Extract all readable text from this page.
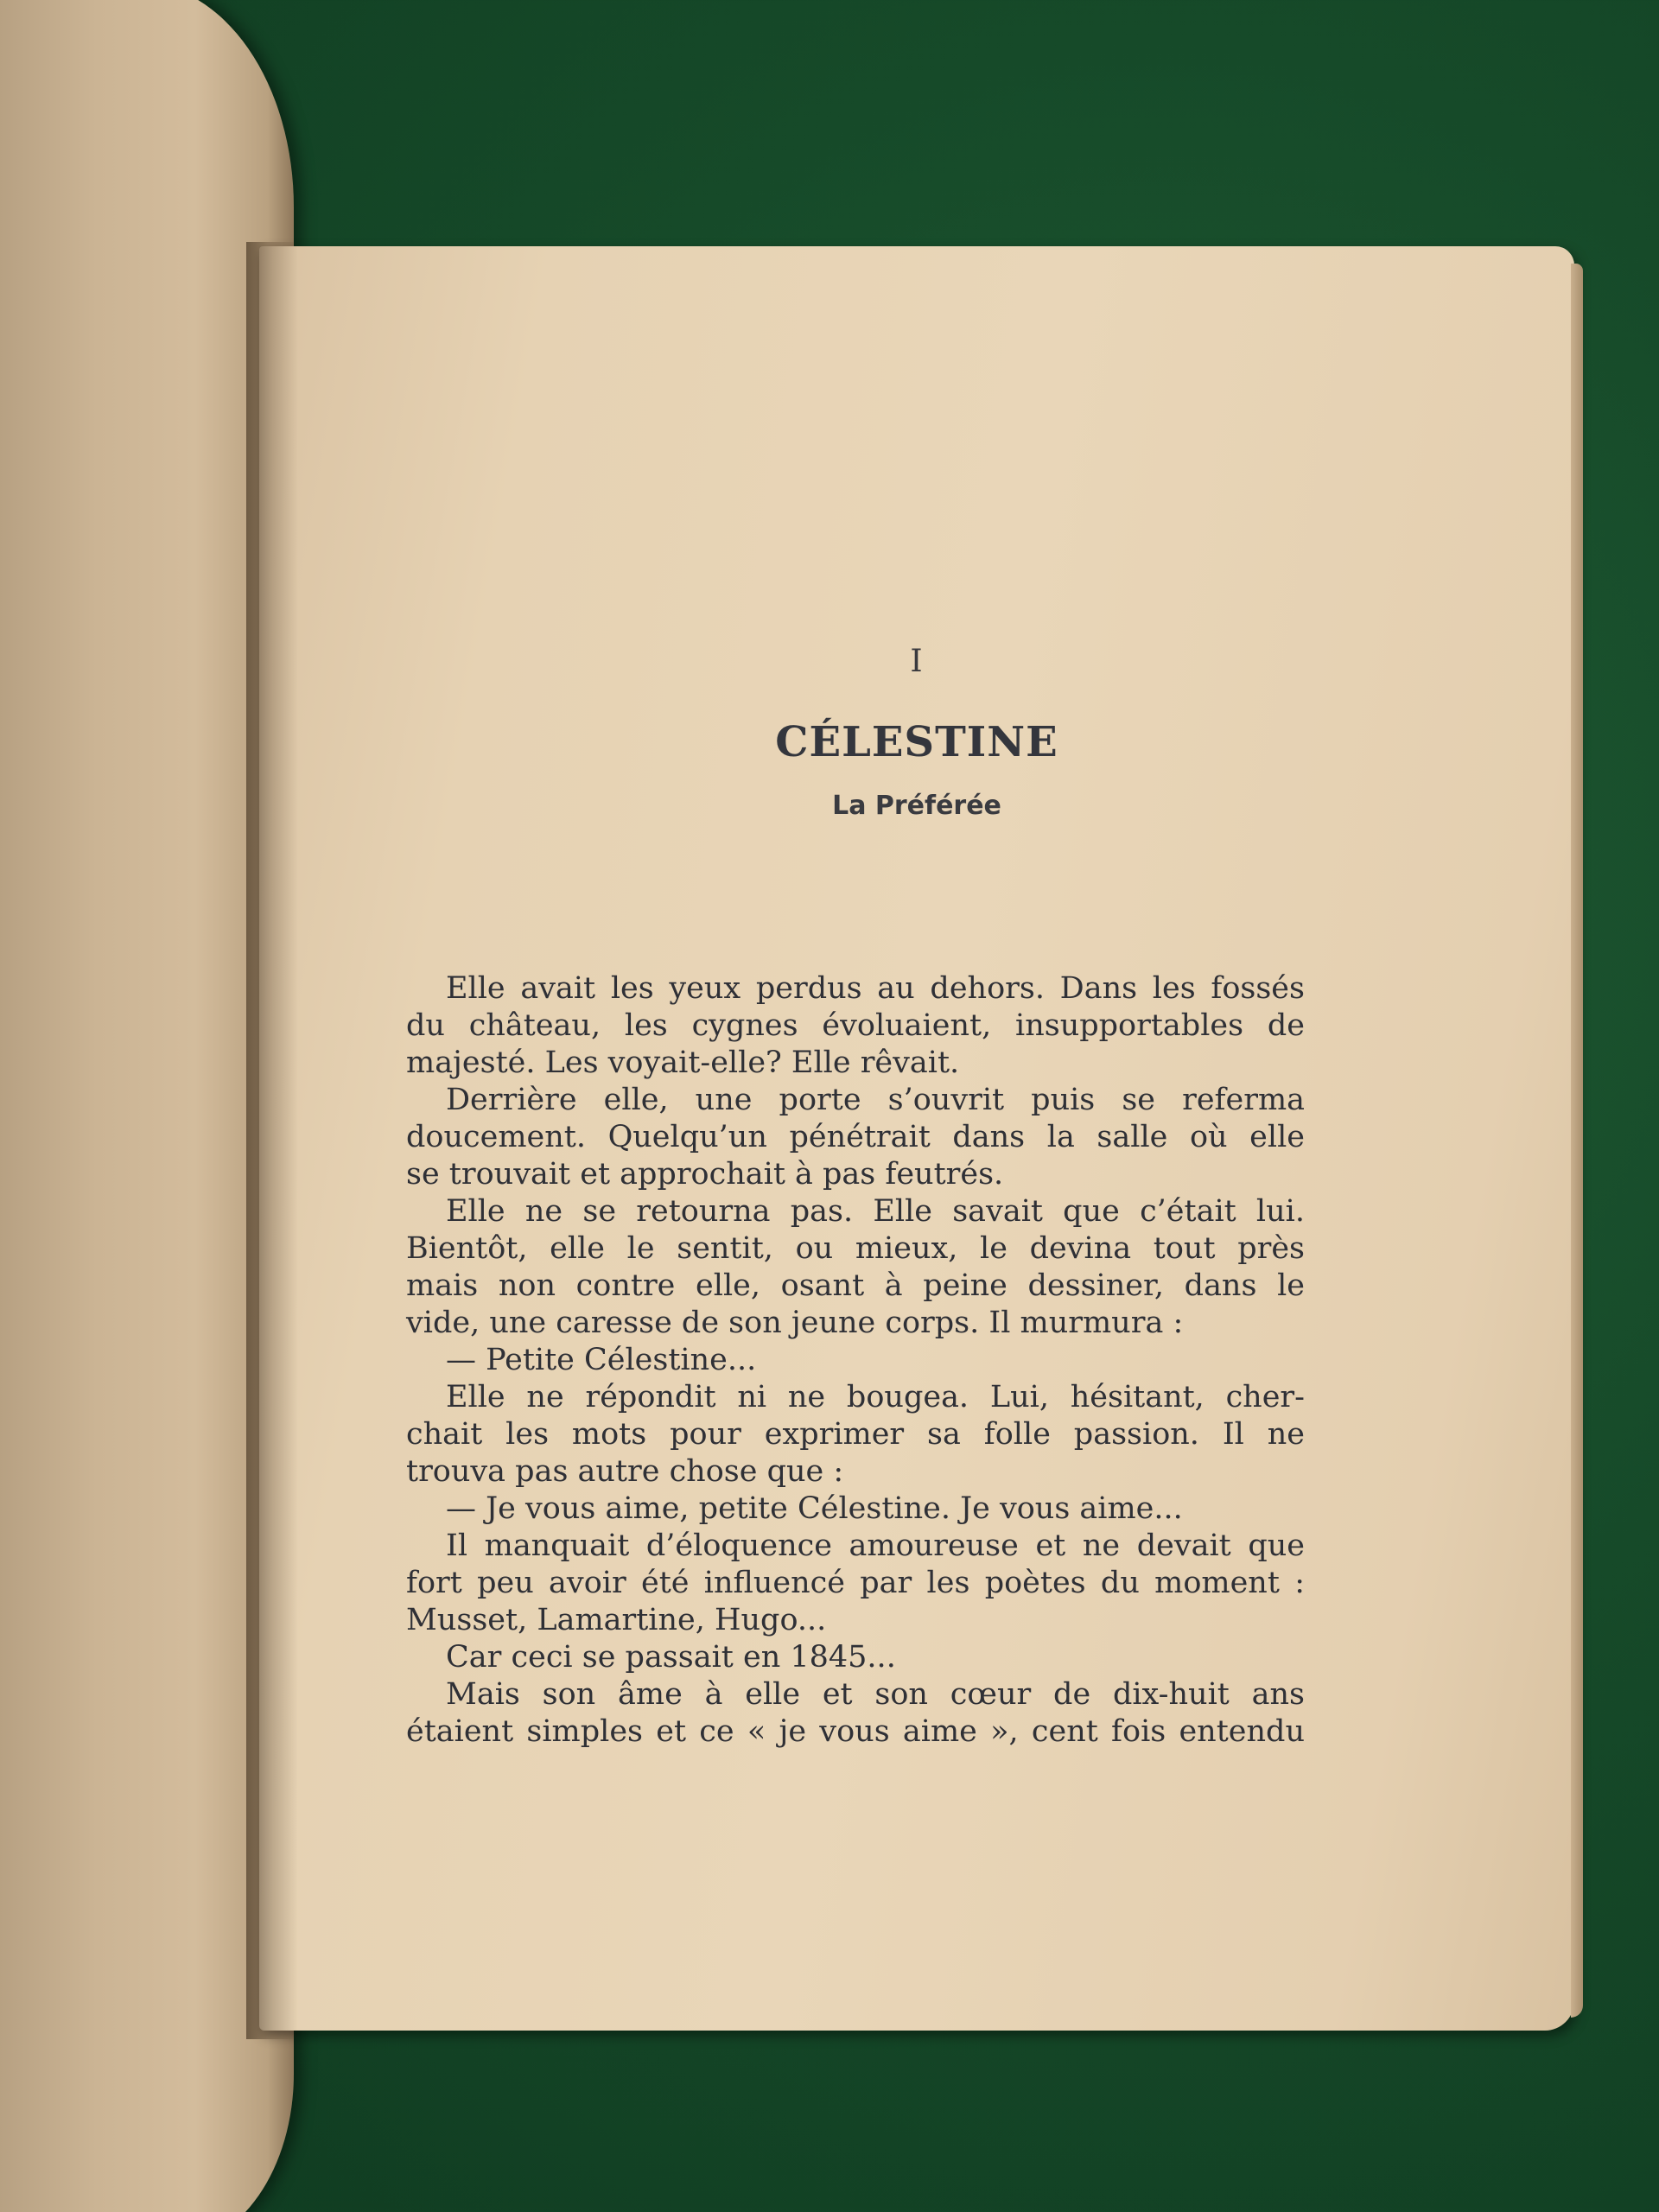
I
CÉLESTINE
La Préférée
Elle avait les yeux perdus au dehors. Dans les fossés
du château, les cygnes évoluaient, insupportables de
majesté. Les voyait-elle? Elle rêvait.
Derrière elle, une porte s’ouvrit puis se referma
doucement. Quelqu’un pénétrait dans la salle où elle
se trouvait et approchait à pas feutrés.
Elle ne se retourna pas. Elle savait que c’était lui.
Bientôt, elle le sentit, ou mieux, le devina tout près
mais non contre elle, osant à peine dessiner, dans le
vide, une caresse de son jeune corps. Il murmura :
— Petite Célestine...
Elle ne répondit ni ne bougea. Lui, hésitant, cher-
chait les mots pour exprimer sa folle passion. Il ne
trouva pas autre chose que :
— Je vous aime, petite Célestine. Je vous aime...
Il manquait d’éloquence amoureuse et ne devait que
fort peu avoir été influencé par les poètes du moment :
Musset, Lamartine, Hugo...
Car ceci se passait en 1845...
Mais son âme à elle et son cœur de dix-huit ans
étaient simples et ce « je vous aime », cent fois entendu
